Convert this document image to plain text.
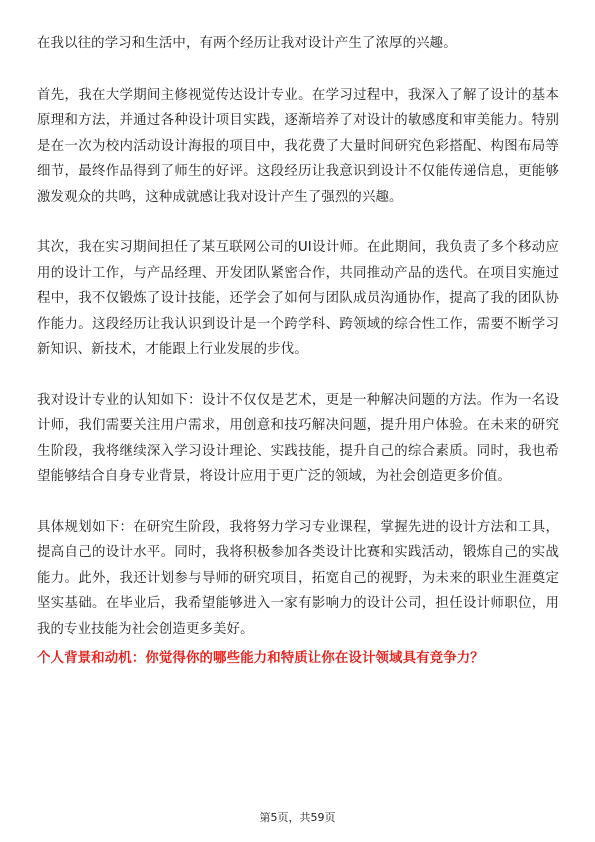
在我以往的学习和生活中，有两个经历让我对设计产生了浓厚的兴趣。

首先，我在大学期间主修视觉传达设计专业。在学习过程中，我深入了解了设计的基本原理和方法，并通过各种设计项目实践，逐渐培养了对设计的敏感度和审美能力。特别是在一次为校内活动设计海报的项目中，我花费了大量时间研究色彩搭配、构图布局等细节，最终作品得到了师生的好评。这段经历让我意识到设计不仅能传递信息，更能够激发观众的共鸣，这种成就感让我对设计产生了强烈的兴趣。

其次，我在实习期间担任了某互联网公司的UI设计师。在此期间，我负责了多个移动应用的设计工作，与产品经理、开发团队紧密合作，共同推动产品的迭代。在项目实施过程中，我不仅锻炼了设计技能，还学会了如何与团队成员沟通协作，提高了我的团队协作能力。这段经历让我认识到设计是一个跨学科、跨领域的综合性工作，需要不断学习新知识、新技术，才能跟上行业发展的步伐。

我对设计专业的认知如下：设计不仅仅是艺术，更是一种解决问题的方法。作为一名设计师，我们需要关注用户需求，用创意和技巧解决问题，提升用户体验。在未来的研究生阶段，我将继续深入学习设计理论、实践技能，提升自己的综合素质。同时，我也希望能够结合自身专业背景，将设计应用于更广泛的领域，为社会创造更多价值。

具体规划如下：在研究生阶段，我将努力学习专业课程，掌握先进的设计方法和工具，提高自己的设计水平。同时，我将积极参加各类设计比赛和实践活动，锻炼自己的实战能力。此外，我还计划参与导师的研究项目，拓宽自己的视野，为未来的职业生涯奠定坚实基础。在毕业后，我希望能够进入一家有影响力的设计公司，担任设计师职位，用我的专业技能为社会创造更多美好。

个人背景和动机：你觉得你的哪些能力和特质让你在设计领域具有竞争力？

第5页，共59页
